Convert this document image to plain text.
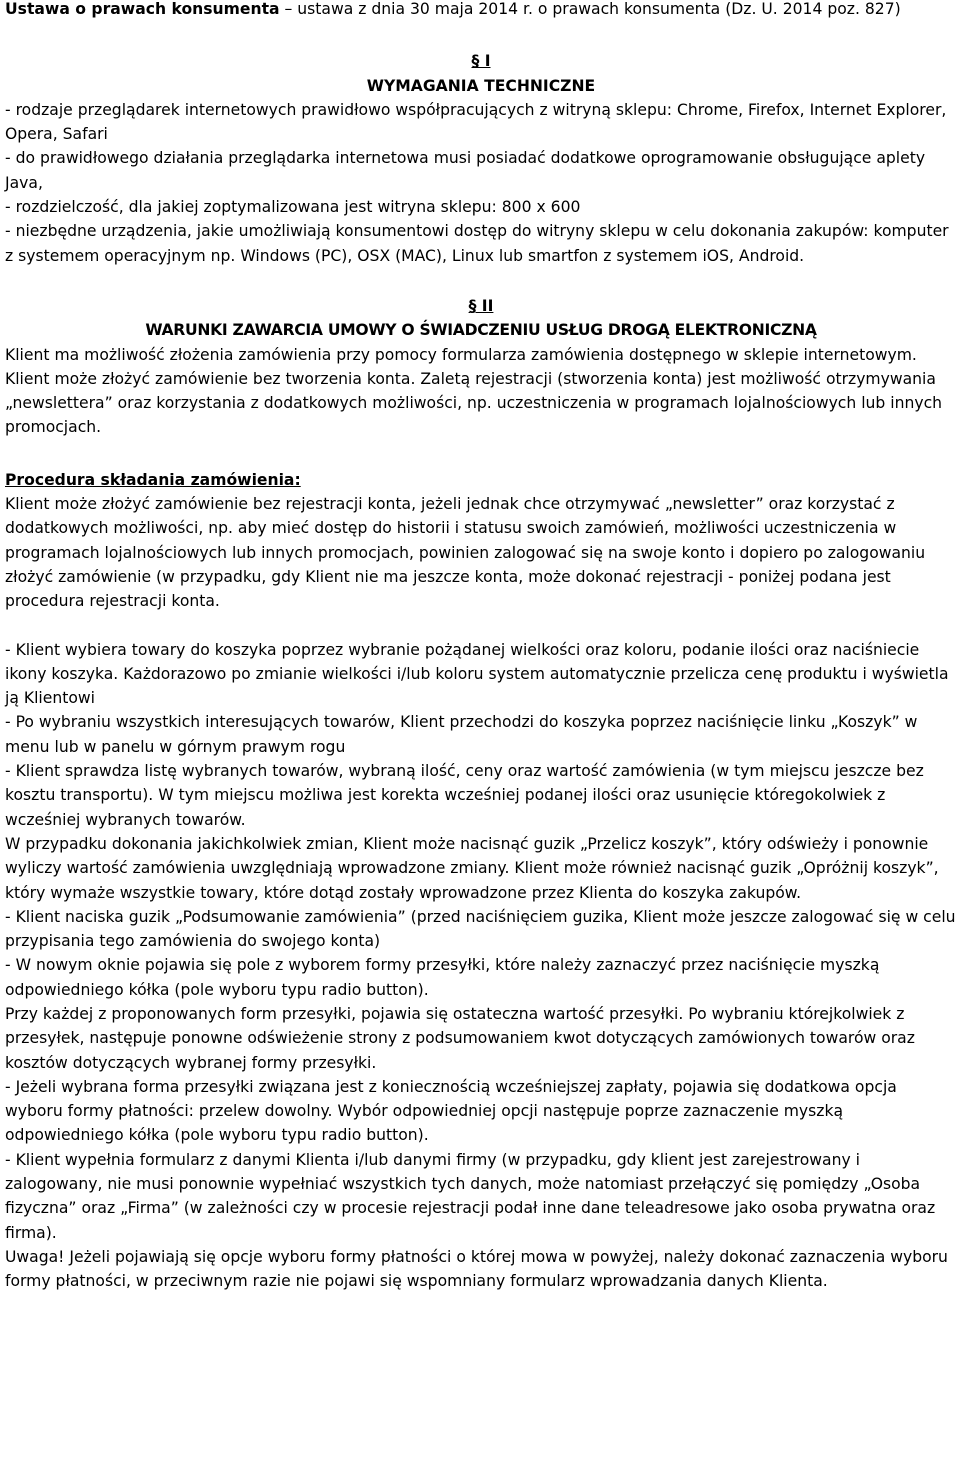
Ustawa o prawach konsumenta – ustawa z dnia 30 maja 2014 r. o prawach konsumenta (Dz. U. 2014 poz. 827)

§ I
WYMAGANIA TECHNICZNE

- rodzaje przeglądarek internetowych prawidłowo współpracujących z witryną sklepu: Chrome, Firefox, Internet Explorer, Opera, Safari

- do prawidłowego działania przeglądarka internetowa musi posiadać dodatkowe oprogramowanie obsługujące aplety Java,

- rozdzielczość, dla jakiej zoptymalizowana jest witryna sklepu: 800 x 600

- niezbędne urządzenia, jakie umożliwiają konsumentowi dostęp do witryny sklepu w celu dokonania zakupów: komputer z systemem operacyjnym np. Windows (PC), OSX (MAC), Linux lub smartfon z systemem iOS, Android.

§ II
WARUNKI ZAWARCIA UMOWY O ŚWIADCZENIU USŁUG DROGĄ ELEKTRONICZNĄ

Klient ma możliwość złożenia zamówienia przy pomocy formularza zamówienia dostępnego w sklepie internetowym. Klient może złożyć zamówienie bez tworzenia konta. Zaletą rejestracji (stworzenia konta) jest możliwość otrzymywania „newslettera” oraz korzystania z dodatkowych możliwości, np. uczestniczenia w programach lojalnościowych lub innych promocjach.

Procedura składania zamówienia:

Klient może złożyć zamówienie bez rejestracji konta, jeżeli jednak chce otrzymywać „newsletter” oraz korzystać z dodatkowych możliwości, np. aby mieć dostęp do historii i statusu swoich zamówień, możliwości uczestniczenia w programach lojalnościowych lub innych promocjach, powinien zalogować się na swoje konto i dopiero po zalogowaniu złożyć zamówienie (w przypadku, gdy Klient nie ma jeszcze konta, może dokonać rejestracji - poniżej podana jest procedura rejestracji konta.

- Klient wybiera towary do koszyka poprzez wybranie pożądanej wielkości oraz koloru, podanie ilości oraz naciśniecie ikony koszyka. Każdorazowo po zmianie wielkości i/lub koloru system automatycznie przelicza cenę produktu i wyświetla ją Klientowi

- Po wybraniu wszystkich interesujących towarów, Klient przechodzi do koszyka poprzez naciśnięcie linku „Koszyk” w menu lub w panelu w górnym prawym rogu

- Klient sprawdza listę wybranych towarów, wybraną ilość, ceny oraz wartość zamówienia (w tym miejscu jeszcze bez kosztu transportu). W tym miejscu możliwa jest korekta wcześniej podanej ilości oraz usunięcie któregokolwiek z wcześniej wybranych towarów.

W przypadku dokonania jakichkolwiek zmian, Klient może nacisnąć guzik „Przelicz koszyk”, który odświeży i ponownie wyliczy wartość zamówienia uwzględniają wprowadzone zmiany. Klient może również nacisnąć guzik „Opróżnij koszyk”, który wymaże wszystkie towary, które dotąd zostały wprowadzone przez Klienta do koszyka zakupów.

- Klient naciska guzik „Podsumowanie zamówienia” (przed naciśnięciem guzika, Klient może jeszcze zalogować się w celu przypisania tego zamówienia do swojego konta)

- W nowym oknie pojawia się pole z wyborem formy przesyłki, które należy zaznaczyć przez naciśnięcie myszką odpowiedniego kółka (pole wyboru typu radio button).

Przy każdej z proponowanych form przesyłki, pojawia się ostateczna wartość przesyłki. Po wybraniu którejkolwiek z przesyłek, następuje ponowne odświeżenie strony z podsumowaniem kwot dotyczących zamówionych towarów oraz kosztów dotyczących wybranej formy przesyłki.

- Jeżeli wybrana forma przesyłki związana jest z koniecznością wcześniejszej zapłaty, pojawia się dodatkowa opcja wyboru formy płatności: przelew dowolny. Wybór odpowiedniej opcji następuje poprze zaznaczenie myszką odpowiedniego kółka (pole wyboru typu radio button).

- Klient wypełnia formularz z danymi Klienta i/lub danymi firmy (w przypadku, gdy klient jest zarejestrowany i zalogowany, nie musi ponownie wypełniać wszystkich tych danych, może natomiast przełączyć się pomiędzy „Osoba fizyczna” oraz „Firma” (w zależności czy w procesie rejestracji podał inne dane teleadresowe jako osoba prywatna oraz firma).

Uwaga! Jeżeli pojawiają się opcje wyboru formy płatności o której mowa w powyżej, należy dokonać zaznaczenia wyboru formy płatności, w przeciwnym razie nie pojawi się wspomniany formularz wprowadzania danych Klienta.
